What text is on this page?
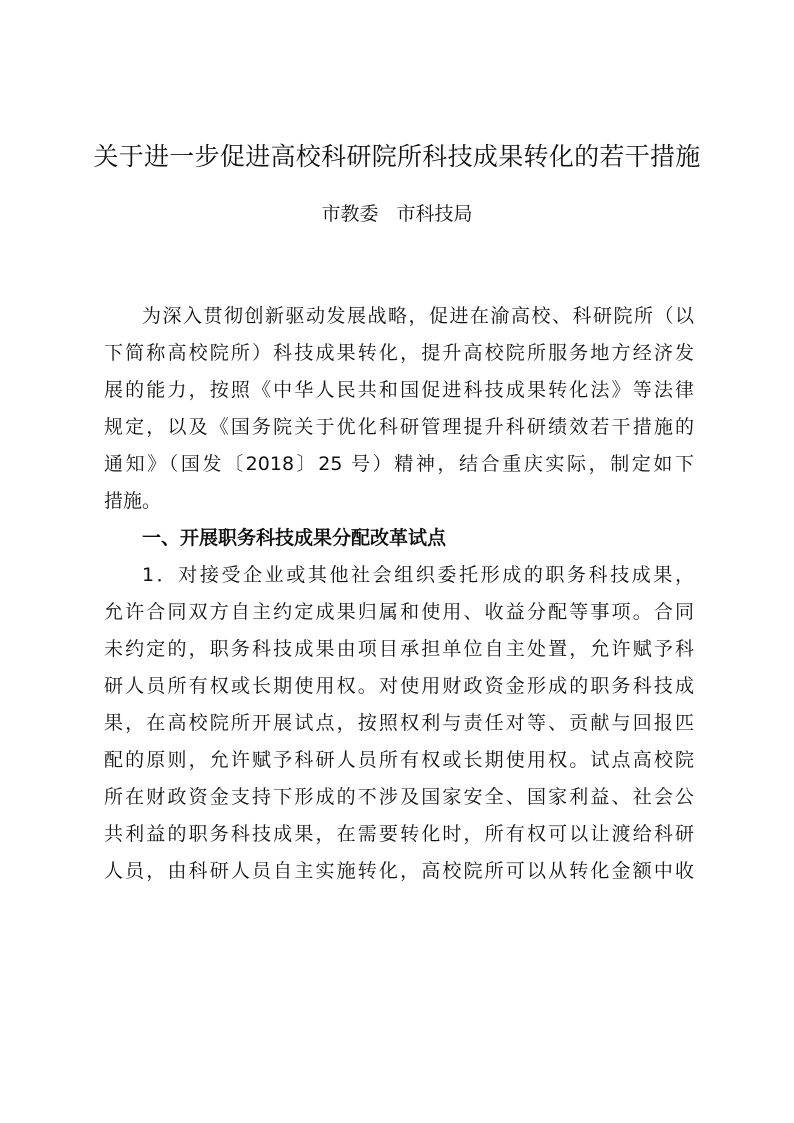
关于进一步促进高校科研院所科技成果转化的若干措施
市教委   市科技局
为深入贯彻创新驱动发展战略，促进在渝高校、科研院所（以
下简称高校院所）科技成果转化，提升高校院所服务地方经济发
展的能力，按照《中华人民共和国促进科技成果转化法》等法律
规定，以及《国务院关于优化科研管理提升科研绩效若干措施的
通知》（国发〔2018〕25 号）精神，结合重庆实际，制定如下
措施。
一、开展职务科技成果分配改革试点
1．对接受企业或其他社会组织委托形成的职务科技成果，
允许合同双方自主约定成果归属和使用、收益分配等事项。合同
未约定的，职务科技成果由项目承担单位自主处置，允许赋予科
研人员所有权或长期使用权。对使用财政资金形成的职务科技成
果，在高校院所开展试点，按照权利与责任对等、贡献与回报匹
配的原则，允许赋予科研人员所有权或长期使用权。试点高校院
所在财政资金支持下形成的不涉及国家安全、国家利益、社会公
共利益的职务科技成果，在需要转化时，所有权可以让渡给科研
人员，由科研人员自主实施转化，高校院所可以从转化金额中收
